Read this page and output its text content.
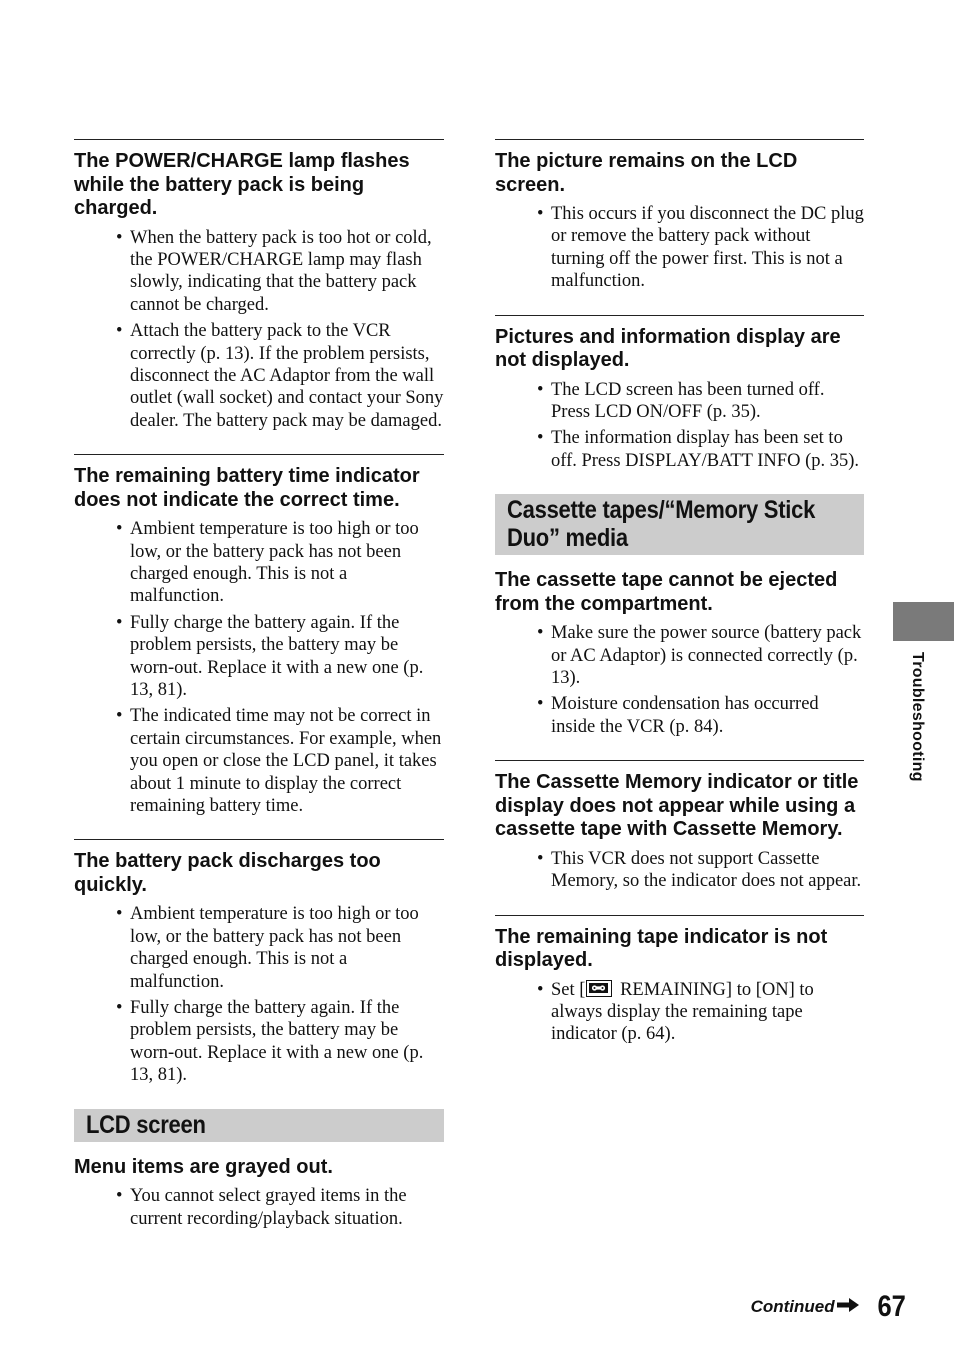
The POWER/CHARGE lamp flashes while the battery pack is being charged.
• When the battery pack is too hot or cold, the POWER/CHARGE lamp may flash slowly, indicating that the battery pack cannot be charged.
• Attach the battery pack to the VCR correctly (p. 13). If the problem persists, disconnect the AC Adaptor from the wall outlet (wall socket) and contact your Sony dealer. The battery pack may be damaged.
The remaining battery time indicator does not indicate the correct time.
• Ambient temperature is too high or too low, or the battery pack has not been charged enough. This is not a malfunction.
• Fully charge the battery again. If the problem persists, the battery may be worn-out. Replace it with a new one (p. 13, 81).
• The indicated time may not be correct in certain circumstances. For example, when you open or close the LCD panel, it takes about 1 minute to display the correct remaining battery time.
The battery pack discharges too quickly.
• Ambient temperature is too high or too low, or the battery pack has not been charged enough. This is not a malfunction.
• Fully charge the battery again. If the problem persists, the battery may be worn-out. Replace it with a new one (p. 13, 81).
LCD screen
Menu items are grayed out.
• You cannot select grayed items in the current recording/playback situation.
The picture remains on the LCD screen.
• This occurs if you disconnect the DC plug or remove the battery pack without turning off the power first. This is not a malfunction.
Pictures and information display are not displayed.
• The LCD screen has been turned off. Press LCD ON/OFF (p. 35).
• The information display has been set to off. Press DISPLAY/BATT INFO (p. 35).
Cassette tapes/“Memory Stick Duo” media
The cassette tape cannot be ejected from the compartment.
• Make sure the power source (battery pack or AC Adaptor) is connected correctly (p. 13).
• Moisture condensation has occurred inside the VCR (p. 84).
The Cassette Memory indicator or title display does not appear while using a cassette tape with Cassette Memory.
• This VCR does not support Cassette Memory, so the indicator does not appear.
The remaining tape indicator is not displayed.
• Set [
REMAINING] to [ON] to always display the remaining tape indicator (p. 64).
Troubleshooting
Continued 67
